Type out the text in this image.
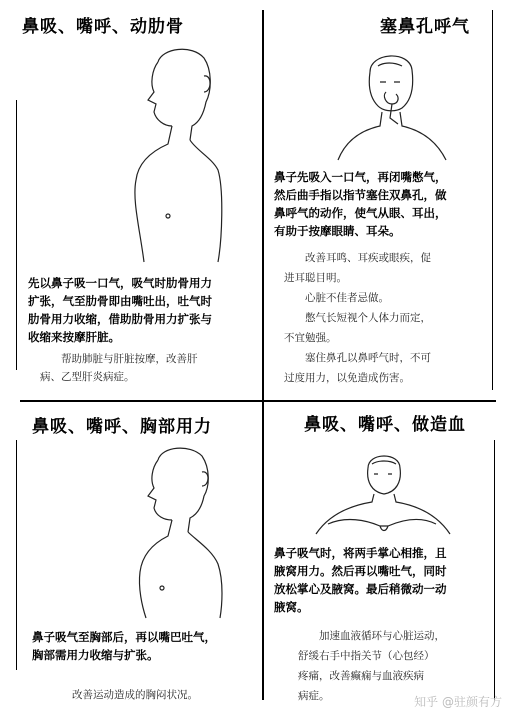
鼻吸、嘴呼、动肋骨

先以鼻子吸一口气，吸气时肋骨用力

扩张，气至肋骨即由嘴吐出，吐气时

肋骨用力收缩，借助肋骨用力扩张与

收缩来按摩肝脏。

帮助肺脏与肝脏按摩，改善肝

病、乙型肝炎病症。

塞鼻孔呼气

鼻子先吸入一口气，再闭嘴憋气，

然后曲手指以指节塞住双鼻孔，做

鼻呼气的动作，使气从眼、耳出，

有助于按摩眼睛、耳朵。

改善耳鸣、耳疾或眼疾，促

进耳聪目明。

心脏不佳者忌做。

憋气长短视个人体力而定，

不宜勉强。

塞住鼻孔以鼻呼气时，不可

过度用力，以免造成伤害。

鼻吸、嘴呼、胸部用力

鼻子吸气至胸部后，再以嘴巴吐气，

胸部需用力收缩与扩张。

改善运动造成的胸闷状况。

鼻吸、嘴呼、做造血

鼻子吸气时，将两手掌心相推，且

腋窝用力。然后再以嘴吐气，同时

放松掌心及腋窝。最后稍微动一动

腋窝。

加速血液循环与心脏运动，

舒缓右手中指关节（心包经）

疼痛，改善癫痫与血液疾病

病症。	知乎 @驻颜有方
